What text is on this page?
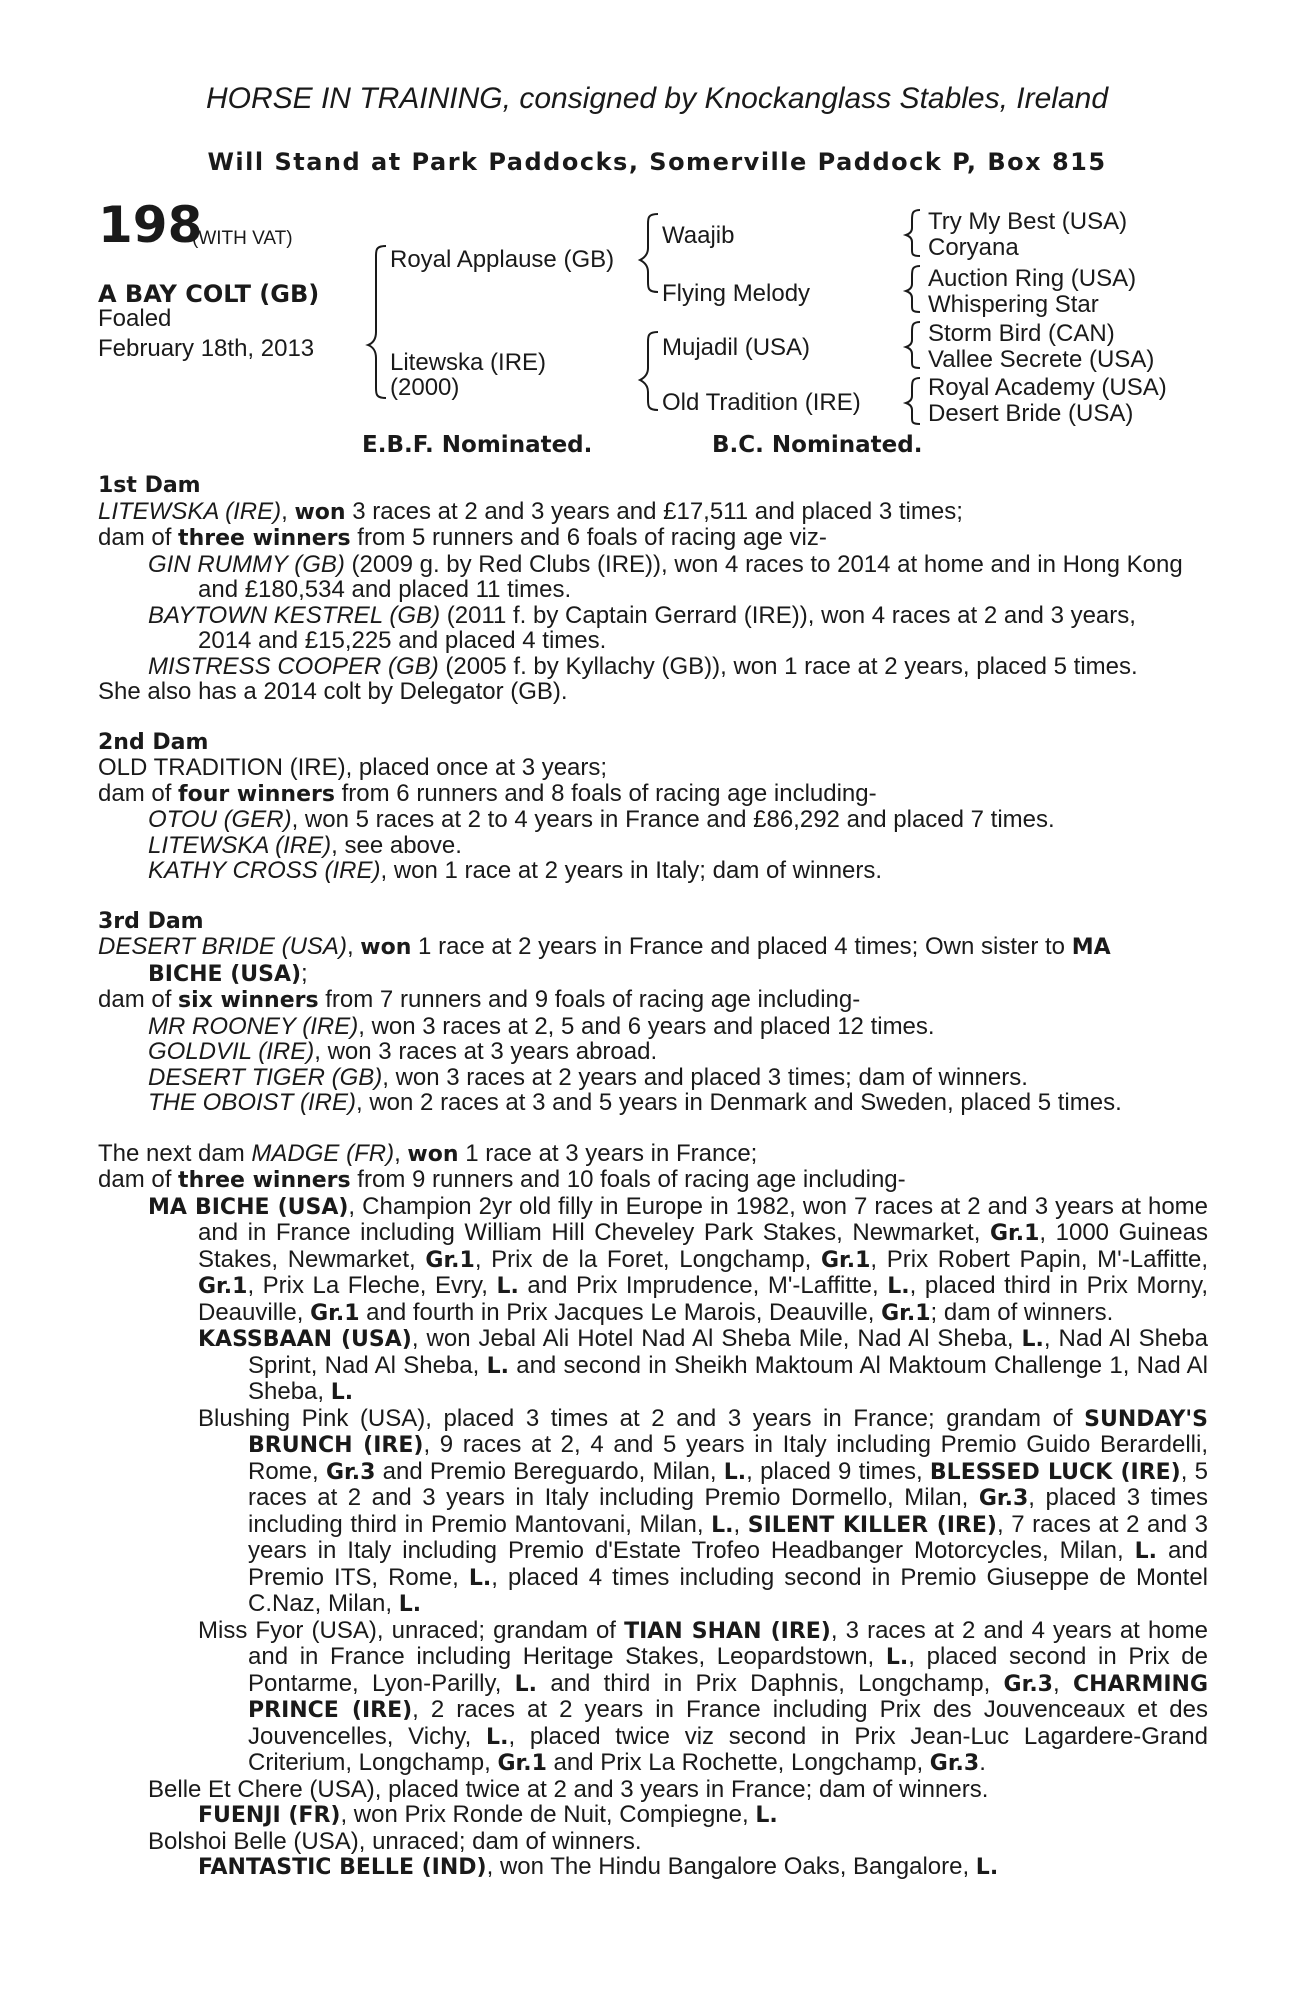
HORSE IN TRAINING, consigned by Knockanglass Stables, Ireland
Will Stand at Park Paddocks, Somerville Paddock P, Box 815
198
(WITH VAT)
A BAY COLT (GB)
Foaled
February 18th, 2013
Royal Applause (GB)
Litewska (IRE)
(2000)
Waajib
Flying Melody
Mujadil (USA)
Old Tradition (IRE)
Try My Best (USA)
Coryana
Auction Ring (USA)
Whispering Star
Storm Bird (CAN)
Vallee Secrete (USA)
Royal Academy (USA)
Desert Bride (USA)
E.B.F. Nominated.	B.C. Nominated.

1st Dam

LITEWSKA (IRE), won 3 races at 2 and 3 years and £17,511 and placed 3 times;

dam of three winners from 5 runners and 6 foals of racing age viz-

GIN RUMMY (GB) (2009 g. by Red Clubs (IRE)), won 4 races to 2014 at home and in Hong Kong and £180,534 and placed 11 times.

BAYTOWN KESTREL (GB) (2011 f. by Captain Gerrard (IRE)), won 4 races at 2 and 3 years, 2014 and £15,225 and placed 4 times.

MISTRESS COOPER (GB) (2005 f. by Kyllachy (GB)), won 1 race at 2 years, placed 5 times.

She also has a 2014 colt by Delegator (GB).

2nd Dam

OLD TRADITION (IRE), placed once at 3 years;

dam of four winners from 6 runners and 8 foals of racing age including-

OTOU (GER), won 5 races at 2 to 4 years in France and £86,292 and placed 7 times.

LITEWSKA (IRE), see above.

KATHY CROSS (IRE), won 1 race at 2 years in Italy; dam of winners.

3rd Dam

DESERT BRIDE (USA), won 1 race at 2 years in France and placed 4 times; Own sister to MA BICHE (USA);

dam of six winners from 7 runners and 9 foals of racing age including-

MR ROONEY (IRE), won 3 races at 2, 5 and 6 years and placed 12 times.

GOLDVIL (IRE), won 3 races at 3 years abroad.

DESERT TIGER (GB), won 3 races at 2 years and placed 3 times; dam of winners.

THE OBOIST (IRE), won 2 races at 3 and 5 years in Denmark and Sweden, placed 5 times.

The next dam MADGE (FR), won 1 race at 3 years in France;

dam of three winners from 9 runners and 10 foals of racing age including-

MA BICHE (USA), Champion 2yr old filly in Europe in 1982, won 7 races at 2 and 3 years at home and in France including William Hill Cheveley Park Stakes, Newmarket, Gr.1, 1000 Guineas Stakes, Newmarket, Gr.1, Prix de la Foret, Longchamp, Gr.1, Prix Robert Papin, M'-Laffitte, Gr.1, Prix La Fleche, Evry, L. and Prix Imprudence, M'-Laffitte, L., placed third in Prix Morny, Deauville, Gr.1 and fourth in Prix Jacques Le Marois, Deauville, Gr.1; dam of winners.

KASSBAAN (USA), won Jebal Ali Hotel Nad Al Sheba Mile, Nad Al Sheba, L., Nad Al Sheba Sprint, Nad Al Sheba, L. and second in Sheikh Maktoum Al Maktoum Challenge 1, Nad Al Sheba, L.

Blushing Pink (USA), placed 3 times at 2 and 3 years in France; grandam of SUNDAY'S BRUNCH (IRE), 9 races at 2, 4 and 5 years in Italy including Premio Guido Berardelli, Rome, Gr.3 and Premio Bereguardo, Milan, L., placed 9 times, BLESSED LUCK (IRE), 5 races at 2 and 3 years in Italy including Premio Dormello, Milan, Gr.3, placed 3 times including third in Premio Mantovani, Milan, L., SILENT KILLER (IRE), 7 races at 2 and 3 years in Italy including Premio d'Estate Trofeo Headbanger Motorcycles, Milan, L. and Premio ITS, Rome, L., placed 4 times including second in Premio Giuseppe de Montel C.Naz, Milan, L.

Miss Fyor (USA), unraced; grandam of TIAN SHAN (IRE), 3 races at 2 and 4 years at home and in France including Heritage Stakes, Leopardstown, L., placed second in Prix de Pontarme, Lyon-Parilly, L. and third in Prix Daphnis, Longchamp, Gr.3, CHARMING PRINCE (IRE), 2 races at 2 years in France including Prix des Jouvenceaux et des Jouvencelles, Vichy, L., placed twice viz second in Prix Jean-Luc Lagardere-Grand Criterium, Longchamp, Gr.1 and Prix La Rochette, Longchamp, Gr.3.

Belle Et Chere (USA), placed twice at 2 and 3 years in France; dam of winners.

FUENJI (FR), won Prix Ronde de Nuit, Compiegne, L.

Bolshoi Belle (USA), unraced; dam of winners.

FANTASTIC BELLE (IND), won The Hindu Bangalore Oaks, Bangalore, L.
